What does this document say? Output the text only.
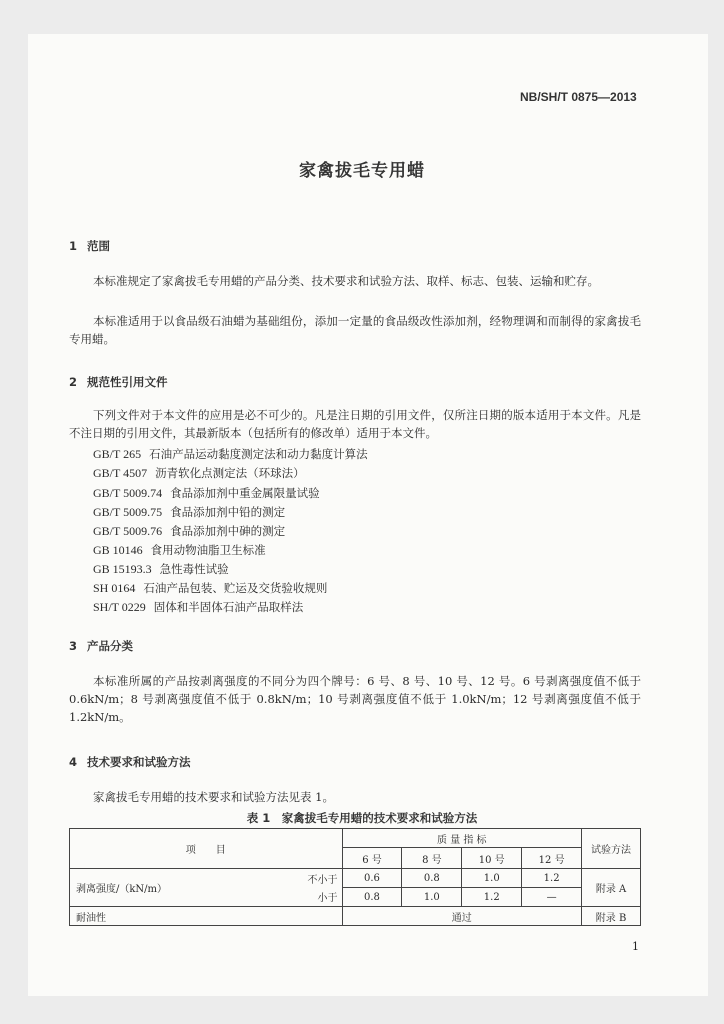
NB/SH/T 0875—2013
家禽拔毛专用蜡
1 范围
本标准规定了家禽拔毛专用蜡的产品分类、技术要求和试验方法、取样、标志、包装、运输和贮存。
本标准适用于以食品级石油蜡为基础组份，添加一定量的食品级改性添加剂，经物理调和而制得的家禽拔毛专用蜡。
2 规范性引用文件
下列文件对于本文件的应用是必不可少的。凡是注日期的引用文件，仅所注日期的版本适用于本文件。凡是不注日期的引用文件，其最新版本（包括所有的修改单）适用于本文件。
GB/T 265 石油产品运动黏度测定法和动力黏度计算法
GB/T 4507 沥青软化点测定法（环球法）
GB/T 5009.74 食品添加剂中重金属限量试验
GB/T 5009.75 食品添加剂中铅的测定
GB/T 5009.76 食品添加剂中砷的测定
GB 10146 食用动物油脂卫生标准
GB 15193.3 急性毒性试验
SH 0164 石油产品包装、贮运及交货验收规则
SH/T 0229 固体和半固体石油产品取样法
3 产品分类
本标准所属的产品按剥离强度的不同分为四个牌号：6 号、8 号、10 号、12 号。6 号剥离强度值不低于 0.6kN/m；8 号剥离强度值不低于 0.8kN/m；10 号剥离强度值不低于 1.0kN/m；12 号剥离强度值不低于 1.2kN/m。
4 技术要求和试验方法
家禽拔毛专用蜡的技术要求和试验方法见表 1。
表 1　家禽拔毛专用蜡的技术要求和试验方法
项　　目		质 量 指 标				试验方法
		6 号	8 号	10 号	12 号	
剥离强度/（kN/m）	不小于	0.6	0.8	1.0	1.2	附录 A
	小于	0.8	1.0	1.2	—	
耐油性		通过				附录 B
1
